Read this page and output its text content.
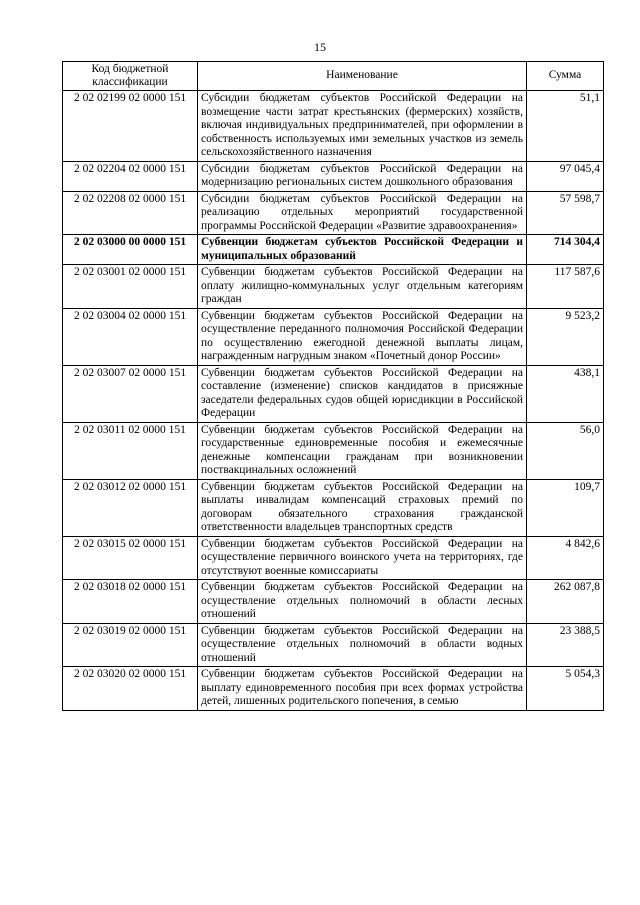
15
Код бюджетной классификации	Наименование	Сумма
2 02 02199 02 0000 151	Субсидии бюджетам субъектов Российской Федерации на возмещение части затрат крестьянских (фермерских) хозяйств, включая индивидуальных предпринимателей, при оформлении в собственность используемых ими земельных участков из земель сельскохозяйственного назначения	51,1
2 02 02204 02 0000 151	Субсидии бюджетам субъектов Российской Федерации на модернизацию региональных систем дошкольного образования	97 045,4
2 02 02208 02 0000 151	Субсидии бюджетам субъектов Российской Федерации на реализацию отдельных мероприятий государственной программы Российской Федерации «Развитие здравоохранения»	57 598,7
2 02 03000 00 0000 151	Субвенции бюджетам субъектов Российской Федерации и муниципальных образований	714 304,4
2 02 03001 02 0000 151	Субвенции бюджетам субъектов Российской Федерации на оплату жилищно-коммунальных услуг отдельным категориям граждан	117 587,6
2 02 03004 02 0000 151	Субвенции бюджетам субъектов Российской Федерации на осуществление переданного полномочия Российской Федерации по осуществлению ежегодной денежной выплаты лицам, награжденным нагрудным знаком «Почетный донор России»	9 523,2
2 02 03007 02 0000 151	Субвенции бюджетам субъектов Российской Федерации на составление (изменение) списков кандидатов в присяжные заседатели федеральных судов общей юрисдикции в Российской Федерации	438,1
2 02 03011 02 0000 151	Субвенции бюджетам субъектов Российской Федерации на государственные единовременные пособия и ежемесячные денежные компенсации гражданам при возникновении поствакцинальных осложнений	56,0
2 02 03012 02 0000 151	Субвенции бюджетам субъектов Российской Федерации на выплаты инвалидам компенсаций страховых премий по договорам обязательного страхования гражданской ответственности владельцев транспортных средств	109,7
2 02 03015 02 0000 151	Субвенции бюджетам субъектов Российской Федерации на осуществление первичного воинского учета на территориях, где отсутствуют военные комиссариаты	4 842,6
2 02 03018 02 0000 151	Субвенции бюджетам субъектов Российской Федерации на осуществление отдельных полномочий в области лесных отношений	262 087,8
2 02 03019 02 0000 151	Субвенции бюджетам субъектов Российской Федерации на осуществление отдельных полномочий в области водных отношений	23 388,5
2 02 03020 02 0000 151	Субвенции бюджетам субъектов Российской Федерации на выплату единовременного пособия при всех формах устройства детей, лишенных родительского попечения, в семью	5 054,3
